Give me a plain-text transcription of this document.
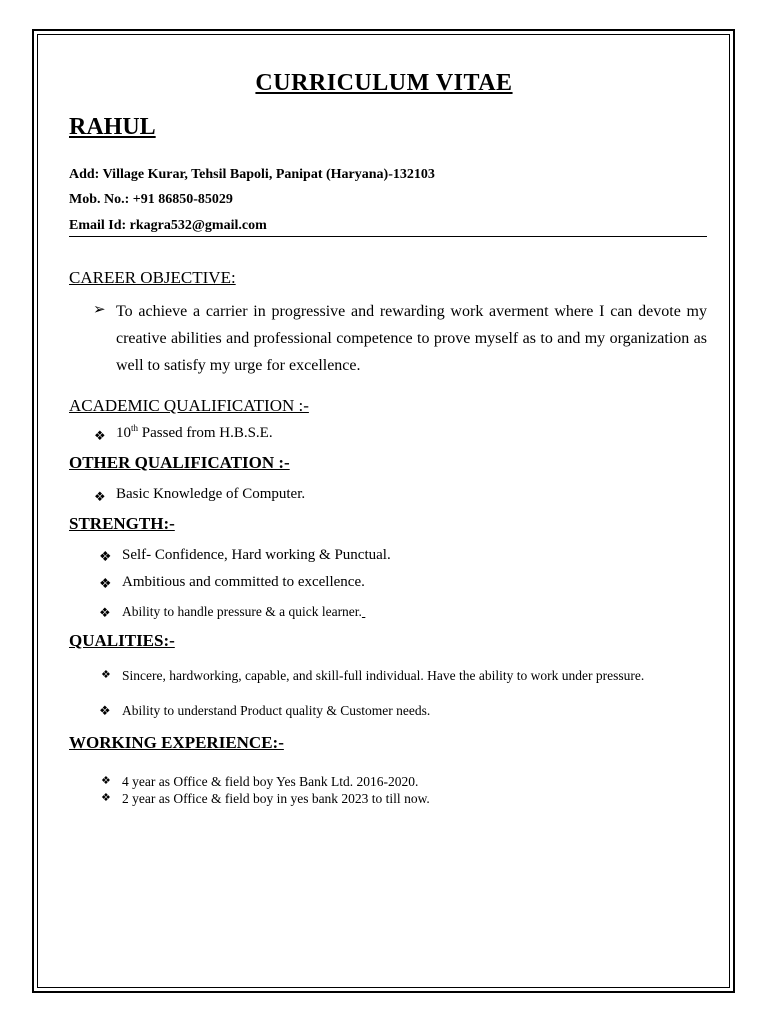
CURRICULUM VITAE
RAHUL
Add: Village Kurar, Tehsil Bapoli, Panipat (Haryana)-132103
Mob. No.: +91 86850-85029
Email Id: rkagra532@gmail.com
CAREER OBJECTIVE:
➢ To achieve a carrier in progressive and rewarding work averment where I can devote my creative abilities and professional competence to prove myself as to and my organization as well to satisfy my urge for excellence.
ACADEMIC QUALIFICATION :-
❖ 10th Passed from H.B.S.E.
OTHER QUALIFICATION :-
❖ Basic Knowledge of Computer.
STRENGTH:-
❖ Self- Confidence, Hard working & Punctual.
❖ Ambitious and committed to excellence.
❖ Ability to handle pressure & a quick learner.
QUALITIES:-
❖ Sincere, hardworking, capable, and skill-full individual. Have the ability to work under pressure.
❖ Ability to understand Product quality & Customer needs.
WORKING EXPERIENCE:-
❖ 4 year as Office & field boy Yes Bank Ltd. 2016-2020.
❖ 2 year as Office & field boy in yes bank 2023 to till now.
